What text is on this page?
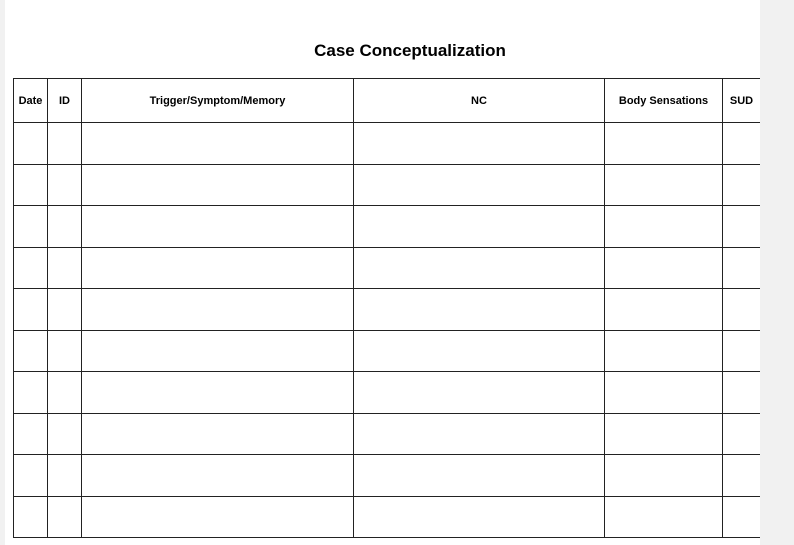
Case Conceptualization
Date	ID	Trigger/Symptom/Memory	NC	Body Sensations	SUD
